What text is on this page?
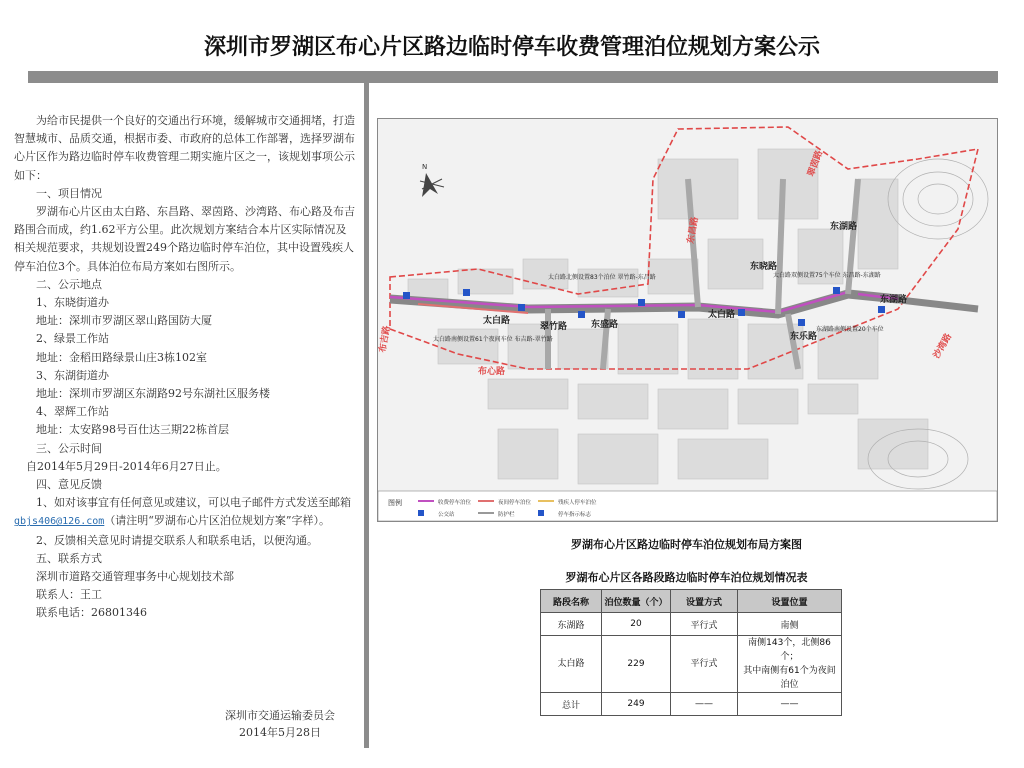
深圳市罗湖区布心片区路边临时停车收费管理泊位规划方案公示

为给市民提供一个良好的交通出行环境，缓解城市交通拥堵，打造智慧城市、品质交通，根据市委、市政府的总体工作部署，选择罗湖布心片区作为路边临时停车收费管理二期实施片区之一，该规划事项公示如下：

一、项目情况

罗湖布心片区由太白路、东昌路、翠茵路、沙湾路、布心路及布吉路围合而成，约1.62平方公里。此次规划方案结合本片区实际情况及相关规范要求，共规划设置249个路边临时停车泊位，其中设置残疾人停车泊位3个。具体泊位布局方案如右图所示。

二、公示地点

1、东晓街道办

地址：深圳市罗湖区翠山路国防大厦

2、绿景工作站

地址：金稻田路绿景山庄3栋102室

3、东湖街道办

地址：深圳市罗湖区东湖路92号东湖社区服务楼

4、翠辉工作站

地址：太安路98号百仕达三期22栋首层

三、公示时间

自2014年5月29日-2014年6月27日止。

四、意见反馈

1、如对该事宜有任何意见或建议，可以电子邮件方式发送至邮箱gbjs406@126.com（请注明“罗湖布心片区泊位规划方案”字样）。

2、反馈相关意见时请提交联系人和联系电话，以便沟通。

五、联系方式

深圳市道路交通管理事务中心规划技术部

联系人：王工

联系电话：26801346

深圳市交通运输委员会

2014年5月28日

N
东昌路
翠茵路
东晓路
东湖路
太白路
太白路
翠竹路	东盛路
东乐路
布吉路
布心路
沙湾路
东湖路
太白路北侧设置83个泊位 翠竹路-东昌路
太白路南侧设置61个夜间车位 布吉路-翠竹路
太白路双侧设置75个车位 东昌路-东湖路
东湖路南侧设置20个车位
图例	收费停车泊位	夜间停车泊位	残疾人停车泊位
公交站	防护栏	停车指示标志
罗湖布心片区路边临时停车泊位规划布局方案图
罗湖布心片区各路段路边临时停车泊位规划情况表
路段名称	泊位数量（个）	设置方式	设置位置
东湖路	20	平行式	南侧
太白路	229	平行式	南侧143个，北侧86个；
其中南侧有61个为夜间泊位

总计	249	——	——
